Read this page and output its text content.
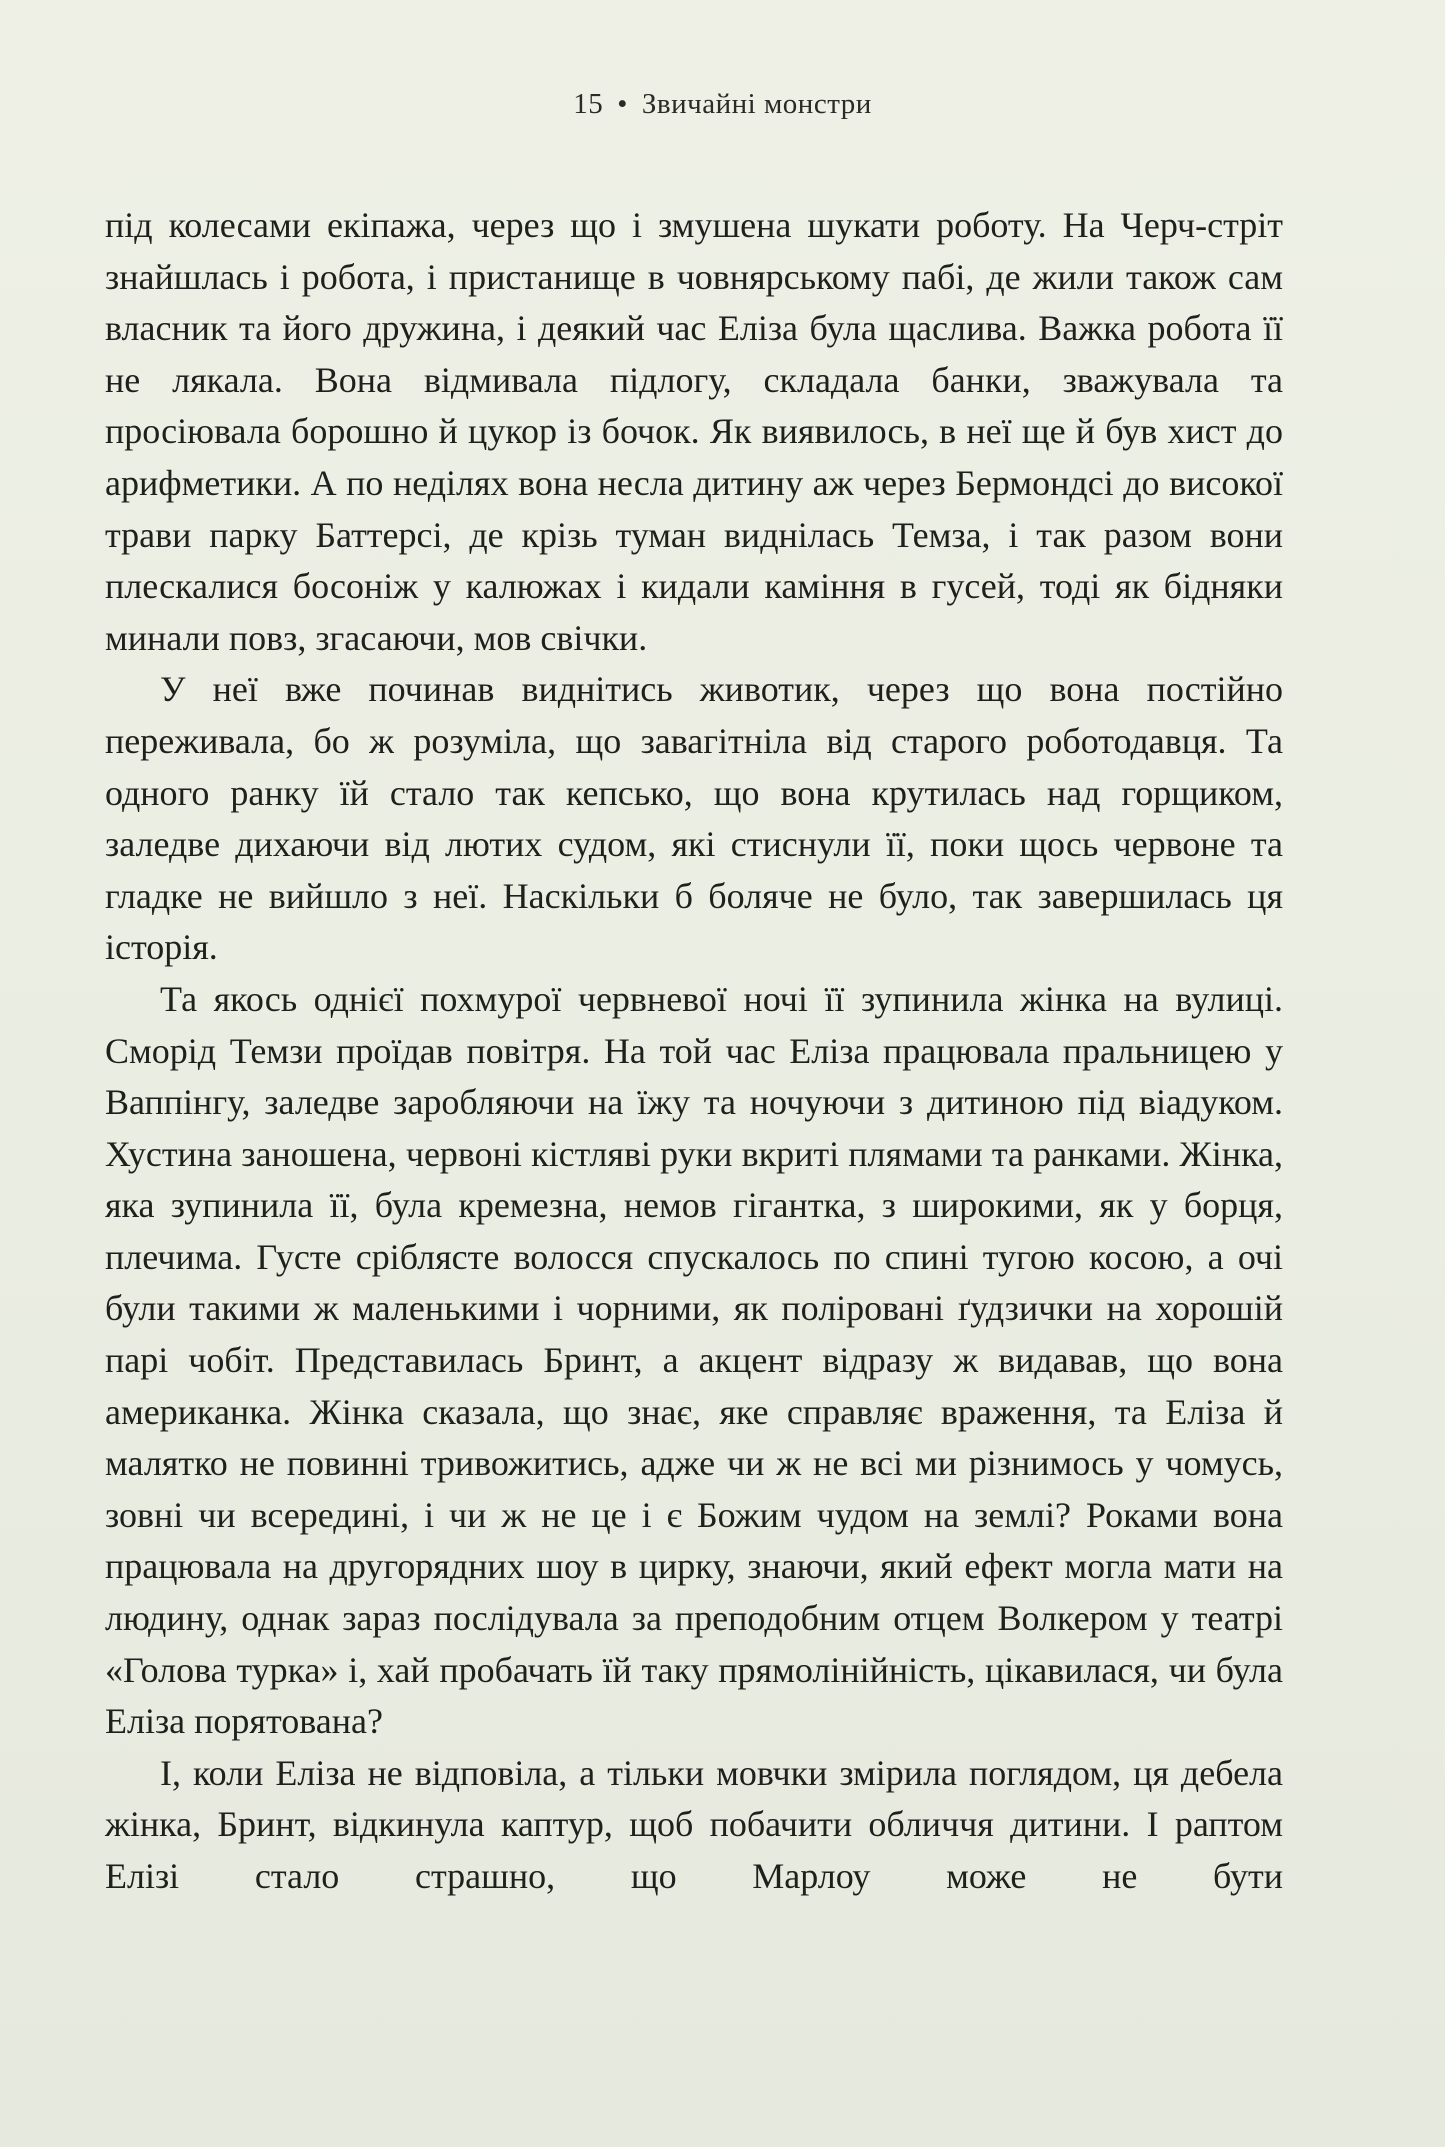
15 • Звичайні монстри

під колесами екіпажа, через що і змушена шукати роботу. На Черч-стріт знайшлась і робота, і пристанище в човнярському пабі, де жили також сам власник та його дружина, і деякий час Еліза була щаслива. Важка робота її не лякала. Вона відмивала підлогу, складала банки, зважувала та просіювала борошно й цукор із бочок. Як виявилось, в неї ще й був хист до арифметики. А по неділях вона несла дитину аж через Бермондсі до високої трави парку Баттерсі, де крізь туман виднілась Темза, і так разом вони плескалися босоніж у калюжах і кидали каміння в гусей, тоді як бідняки минали повз, згасаючи, мов свічки.

У неї вже починав виднітись животик, через що вона постійно переживала, бо ж розуміла, що завагітніла від старого роботодавця. Та одного ранку їй стало так кепсько, що вона крутилась над горщиком, заледве дихаючи від лютих судом, які стиснули її, поки щось червоне та гладке не вийшло з неї. Наскільки б боляче не було, так завершилась ця історія.

Та якось однієї похмурої червневої ночі її зупинила жінка на вулиці. Сморід Темзи проїдав повітря. На той час Еліза працювала пральницею у Ваппінгу, заледве заробляючи на їжу та ночуючи з дитиною під віадуком. Хустина заношена, червоні кістляві руки вкриті плямами та ранками. Жінка, яка зупинила її, була кремезна, немов гігантка, з широкими, як у борця, плечима. Густе сріблясте волосся спускалось по спині тугою косою, а очі були такими ж маленькими і чорними, як поліровані ґудзички на хорошій парі чобіт. Представилась Бринт, а акцент відразу ж видавав, що вона американка. Жінка сказала, що знає, яке справляє враження, та Еліза й малятко не повинні тривожитись, адже чи ж не всі ми різнимось у чомусь, зовні чи всередині, і чи ж не це і є Божим чудом на землі? Роками вона працювала на другорядних шоу в цирку, знаючи, який ефект могла мати на людину, однак зараз послідувала за преподобним отцем Волкером у театрі «Голова турка» і, хай пробачать їй таку прямолінійність, цікавилася, чи була Еліза порятована?

І, коли Еліза не відповіла, а тільки мовчки змірила поглядом, ця дебела жінка, Бринт, відкинула каптур, щоб побачити обличчя дитини. І раптом Елізі стало страшно, що Марлоу може не бути
